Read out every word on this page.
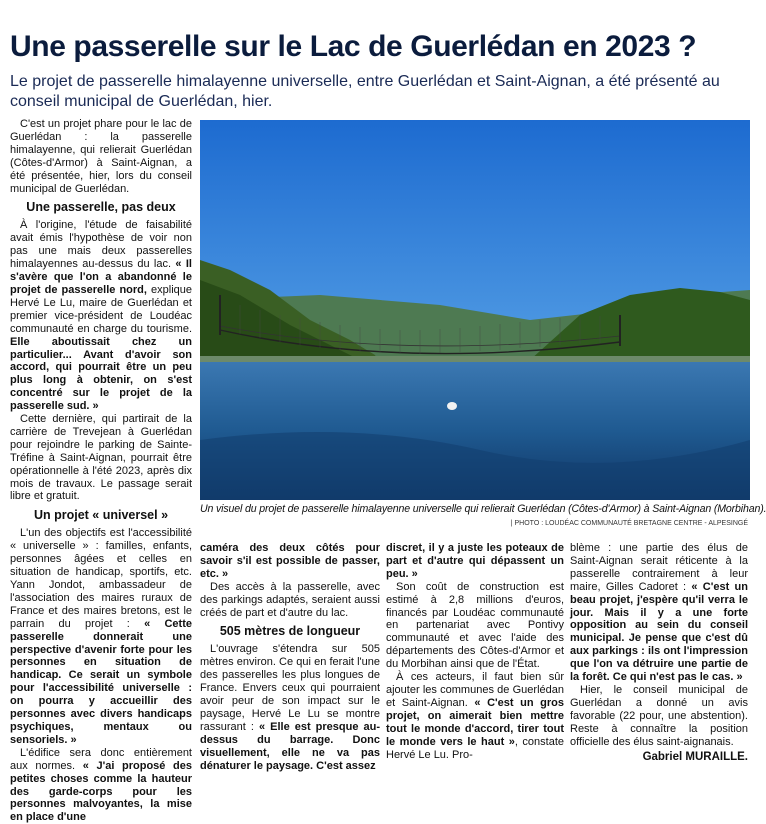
Une passerelle sur le Lac de Guerlédan en 2023 ?
Le projet de passerelle himalayenne universelle, entre Guerlédan et Saint-Aignan, a été présenté au conseil municipal de Guerlédan, hier.

C'est un projet phare pour le lac de Guerlédan : la passerelle himalayenne, qui relierait Guerlédan (Côtes-d'Armor) à Saint-Aignan, a été présentée, hier, lors du conseil municipal de Guerlédan.

Une passerelle, pas deux

À l'origine, l'étude de faisabilité avait émis l'hypothèse de voir non pas une mais deux passerelles himalayennes au-dessus du lac. « Il s'avère que l'on a abandonné le projet de passerelle nord, explique Hervé Le Lu, maire de Guerlédan et premier vice-président de Loudéac communauté en charge du tourisme. Elle aboutissait chez un particulier... Avant d'avoir son accord, qui pourrait être un peu plus long à obtenir, on s'est concentré sur le projet de la passerelle sud. »

Cette dernière, qui partirait de la carrière de Trevejean à Guerlédan pour rejoindre le parking de Sainte-Tréfine à Saint-Aignan, pourrait être opérationnelle à l'été 2023, après dix mois de travaux. Le passage serait libre et gratuit.

Un projet « universel »

L'un des objectifs est l'accessibilité « universelle » : familles, enfants, personnes âgées et celles en situation de handicap, sportifs, etc. Yann Jondot, ambassadeur de l'association des maires ruraux de France et des maires bretons, est le parrain du projet : « Cette passerelle donnerait une perspective d'avenir forte pour les personnes en situation de handicap. Ce serait un symbole pour l'accessibilité universelle : on pourra y accueillir des personnes avec divers handicaps psychiques, mentaux ou sensoriels. »

L'édifice sera donc entièrement aux normes. « J'ai proposé des petites choses comme la hauteur des garde-corps pour les personnes malvoyantes, la mise en place d'une

Un visuel du projet de passerelle himalayenne universelle qui relierait Guerlédan (Côtes-d'Armor) à Saint-Aignan (Morbihan).
| PHOTO : LOUDÉAC COMMUNAUTÉ BRETAGNE CENTRE - ALPESINGÉ

caméra des deux côtés pour savoir s'il est possible de passer, etc. »

Des accès à la passerelle, avec des parkings adaptés, seraient aussi créés de part et d'autre du lac.

505 mètres de longueur

L'ouvrage s'étendra sur 505 mètres environ. Ce qui en ferait l'une des passerelles les plus longues de France. Envers ceux qui pourraient avoir peur de son impact sur le paysage, Hervé Le Lu se montre rassurant : « Elle est presque au-dessus du barrage. Donc visuellement, elle ne va pas dénaturer le paysage. C'est assez

discret, il y a juste les poteaux de part et d'autre qui dépassent un peu. »

Son coût de construction est estimé à 2,8 millions d'euros, financés par Loudéac communauté en partenariat avec Pontivy communauté et avec l'aide des départements des Côtes-d'Armor et du Morbihan ainsi que de l'État.

À ces acteurs, il faut bien sûr ajouter les communes de Guerlédan et Saint-Aignan. « C'est un gros projet, on aimerait bien mettre tout le monde d'accord, tirer tout le monde vers le haut », constate Hervé Le Lu. Pro-

blème : une partie des élus de Saint-Aignan serait réticente à la passerelle contrairement à leur maire, Gilles Cadoret : « C'est un beau projet, j'espère qu'il verra le jour. Mais il y a une forte opposition au sein du conseil municipal. Je pense que c'est dû aux parkings : ils ont l'impression que l'on va détruire une partie de la forêt. Ce qui n'est pas le cas. »

Hier, le conseil municipal de Guerlédan a donné un avis favorable (22 pour, une abstention). Reste à connaître la position officielle des élus saint-aignanais.

Gabriel MURAILLE.
